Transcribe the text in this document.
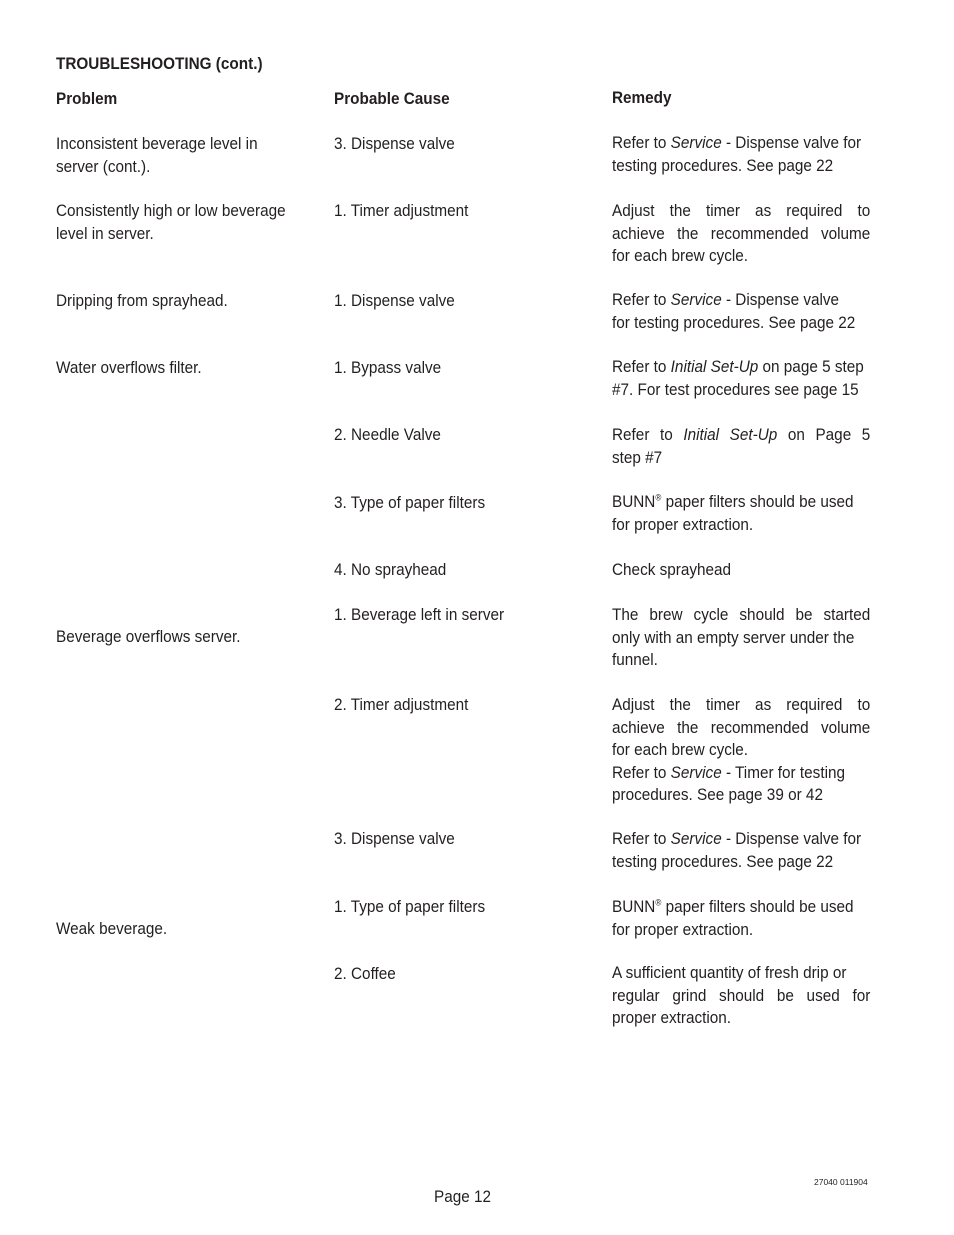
TROUBLESHOOTING (cont.)
Problem	Probable Cause	Remedy
Inconsistent beverage level in
server (cont.).
Consistently high or low beverage
level in server.
Dripping from sprayhead.
Water overflows filter.
Beverage overflows server.
Weak beverage.
3. Dispense valve
1. Timer adjustment
1. Dispense valve
1. Bypass valve
2. Needle Valve
3. Type of paper filters
4. No sprayhead
1. Beverage left in server
2. Timer adjustment
3. Dispense valve
1. Type of paper filters
2. Coffee
Refer to Service - Dispense valve for
testing procedures. See page 22
Adjust the timer as required to
achieve the recommended volume
for each brew cycle.
Refer to Service - Dispense valve
for testing procedures. See page 22
Refer to Initial Set-Up on page 5 step
#7. For test procedures see page 15
Refer to Initial Set-Up on Page 5
step #7
BUNN® paper filters should be used
for proper extraction.
Check sprayhead
The brew cycle should be started
only with an empty server under the
funnel.
Adjust the timer as required to
achieve the recommended volume
for each brew cycle.
Refer to Service - Timer for testing
procedures. See page 39 or 42
Refer to Service - Dispense valve for
testing procedures. See page 22
BUNN® paper filters should be used
for proper extraction.
A sufficient quantity of fresh drip or
regular grind should be used for
proper extraction.
Page 12
27040 011904
